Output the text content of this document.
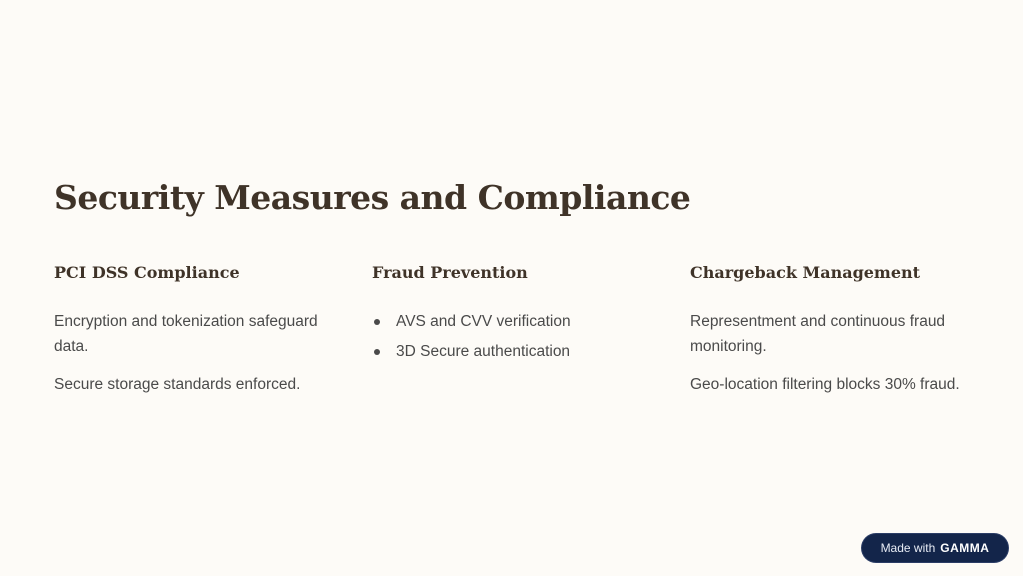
Security Measures and Compliance
PCI DSS Compliance

Encryption and tokenization safeguard data.

Secure storage standards enforced.

Fraud Prevention
AVS and CVV verification
3D Secure authentication
Chargeback Management

Representment and continuous fraud monitoring.

Geo-location filtering blocks 30% fraud.

Made with GAMMA
